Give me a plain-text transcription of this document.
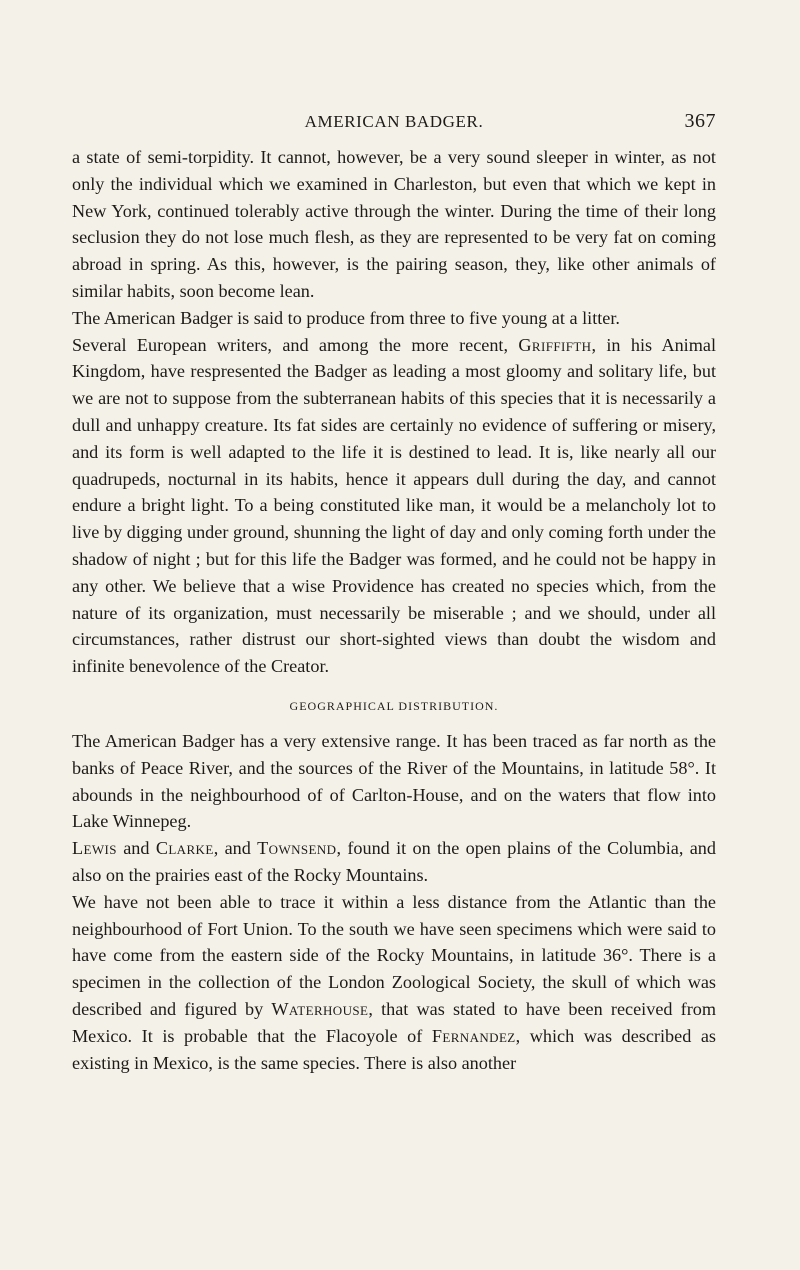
AMERICAN BADGER.	367

a state of semi-torpidity. It cannot, however, be a very sound sleeper in winter, as not only the individual which we examined in Charleston, but even that which we kept in New York, continued tolerably active through the winter. During the time of their long seclusion they do not lose much flesh, as they are represented to be very fat on coming abroad in spring. As this, however, is the pairing season, they, like other animals of similar habits, soon become lean.

The American Badger is said to produce from three to five young at a litter.

Several European writers, and among the more recent, Griffifth, in his Animal Kingdom, have respresented the Badger as leading a most gloomy and solitary life, but we are not to suppose from the subterranean habits of this species that it is necessarily a dull and unhappy creature. Its fat sides are certainly no evidence of suffering or misery, and its form is well adapted to the life it is destined to lead. It is, like nearly all our quadrupeds, nocturnal in its habits, hence it appears dull during the day, and cannot endure a bright light. To a being constituted like man, it would be a melancholy lot to live by digging under ground, shunning the light of day and only coming forth under the shadow of night ; but for this life the Badger was formed, and he could not be happy in any other. We believe that a wise Providence has created no species which, from the nature of its organization, must necessarily be miserable ; and we should, under all circumstances, rather distrust our short-sighted views than doubt the wisdom and infinite benevolence of the Creator.

GEOGRAPHICAL DISTRIBUTION.

The American Badger has a very extensive range. It has been traced as far north as the banks of Peace River, and the sources of the River of the Mountains, in latitude 58°. It abounds in the neighbourhood of of Carlton-House, and on the waters that flow into Lake Winnepeg.

Lewis and Clarke, and Townsend, found it on the open plains of the Columbia, and also on the prairies east of the Rocky Mountains.

We have not been able to trace it within a less distance from the Atlantic than the neighbourhood of Fort Union. To the south we have seen specimens which were said to have come from the eastern side of the Rocky Mountains, in latitude 36°. There is a specimen in the collection of the London Zoological Society, the skull of which was described and figured by Waterhouse, that was stated to have been received from Mexico. It is probable that the Flacoyole of Fernandez, which was described as existing in Mexico, is the same species. There is also another
